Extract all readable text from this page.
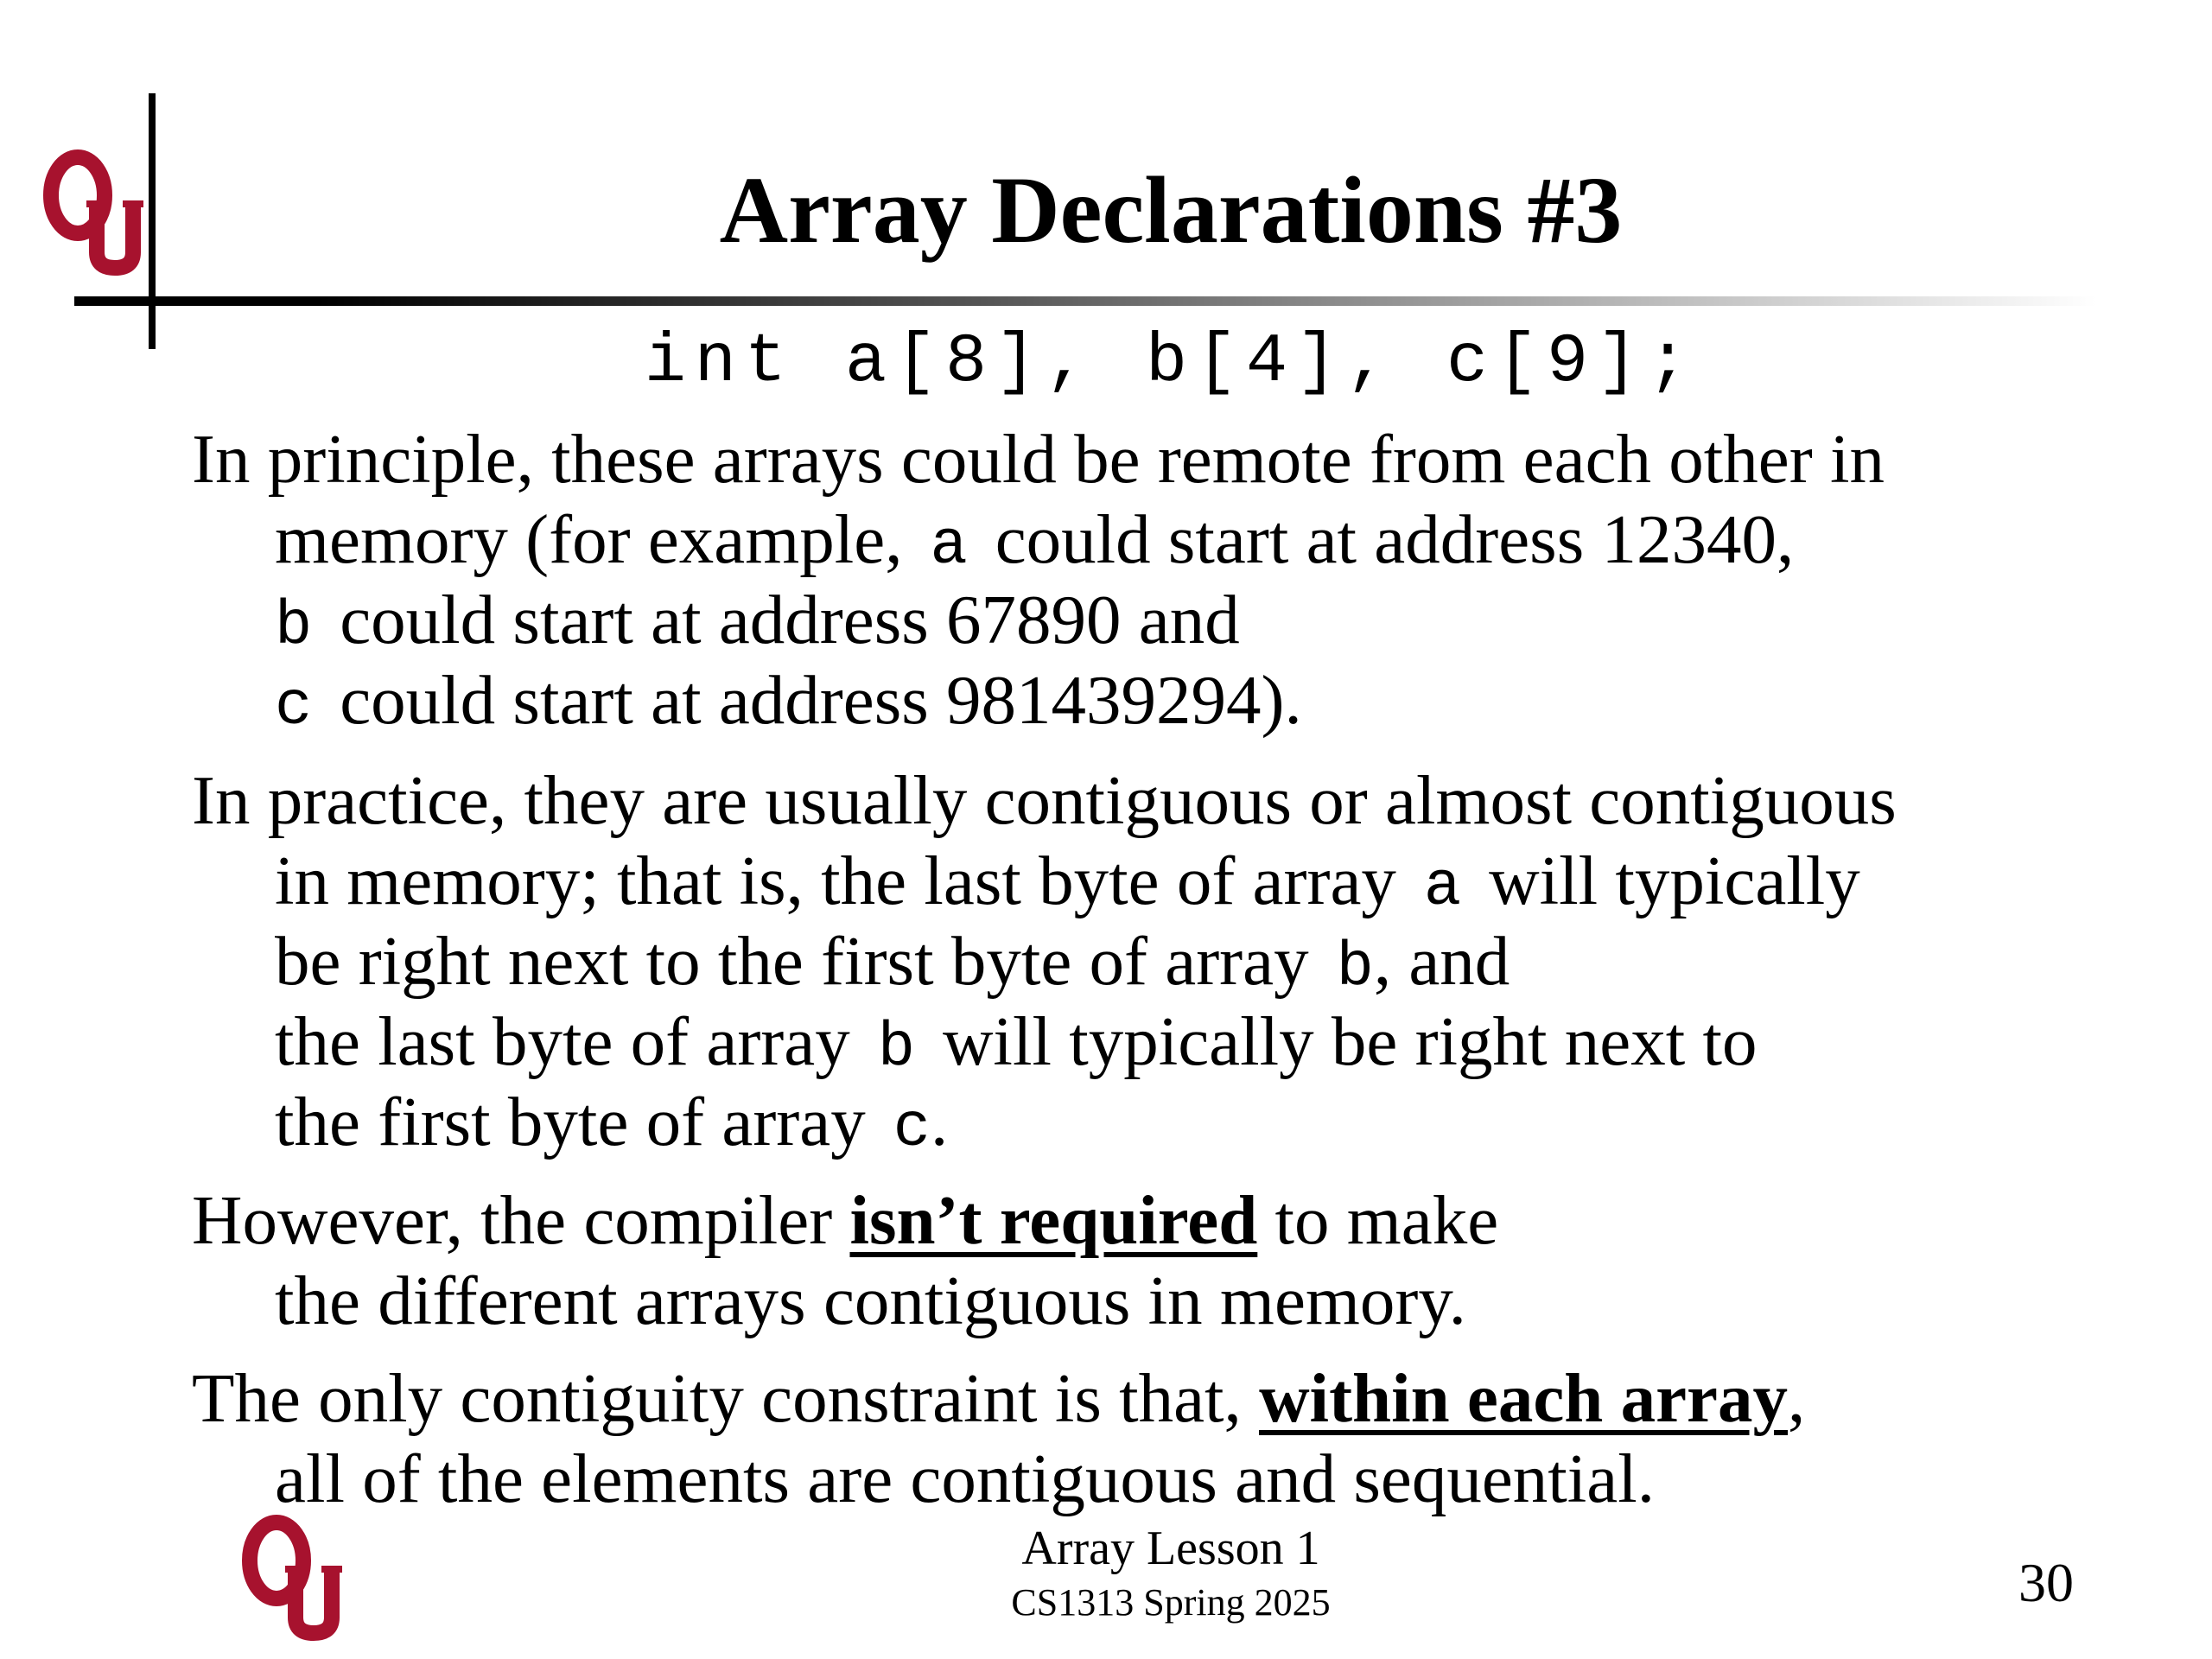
Array Declarations #3
int a[8], b[4], c[9];
In principle, these arrays could be remote from each other in
memory (for example, a could start at address 12340,
b could start at address 67890 and
c could start at address 981439294).
In practice, they are usually contiguous or almost contiguous
in memory; that is, the last byte of array a will typically
be right next to the first byte of array b, and
the last byte of array b will typically be right next to
the first byte of array c.
However, the compiler isn’t required to make
the different arrays contiguous in memory.
The only contiguity constraint is that, within each array,
all of the elements are contiguous and sequential.
Array Lesson 1
CS1313 Spring 2025	30
